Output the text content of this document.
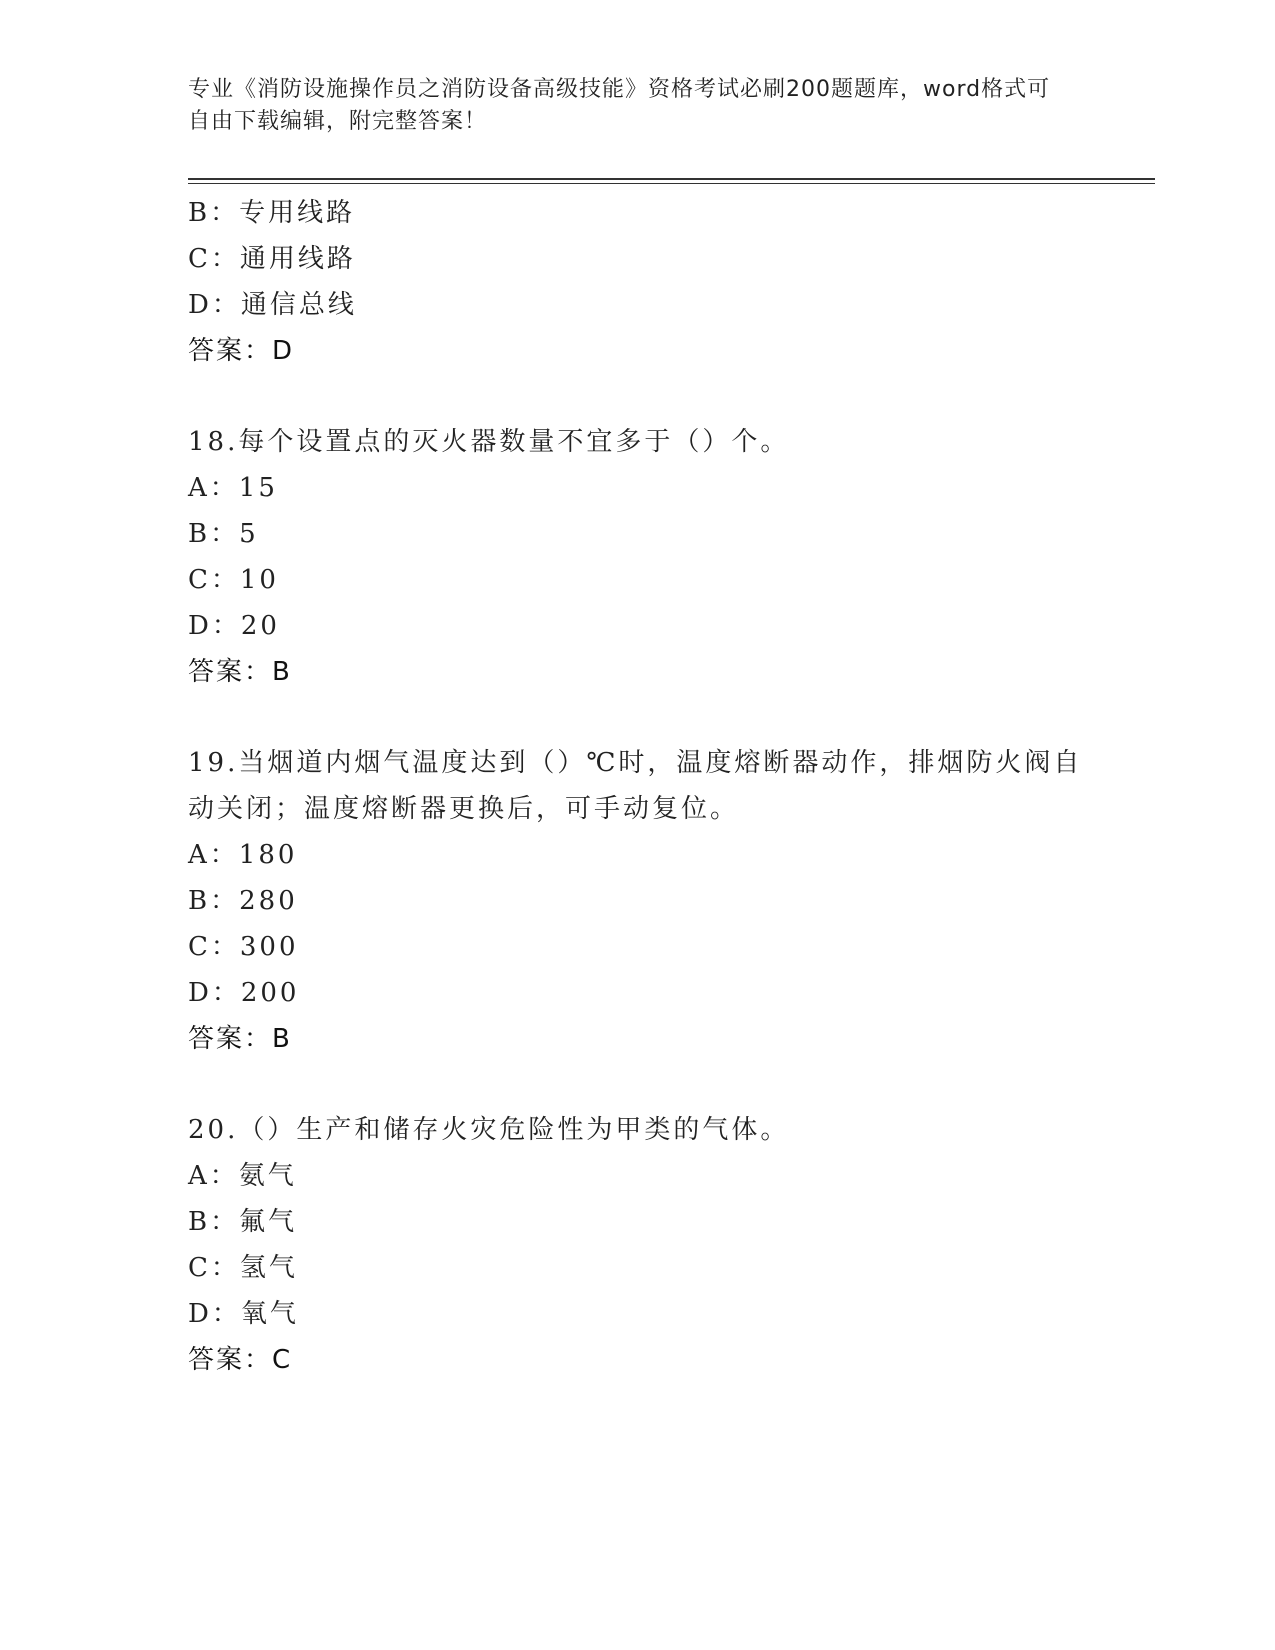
专业《消防设施操作员之消防设备高级技能》资格考试必刷200题题库，word格式可自由下载编辑，附完整答案！
B：专用线路
C：通用线路
D：通信总线
答案：D
18.每个设置点的灭火器数量不宜多于（）个。
A：15
B：5
C：10
D：20
答案：B
19.当烟道内烟气温度达到（）℃时，温度熔断器动作，排烟防火阀自动关闭；温度熔断器更换后，可手动复位。
A：180
B：280
C：300
D：200
答案：B
20.（）生产和储存火灾危险性为甲类的气体。
A：氨气
B：氟气
C：氢气
D：氧气
答案：C
